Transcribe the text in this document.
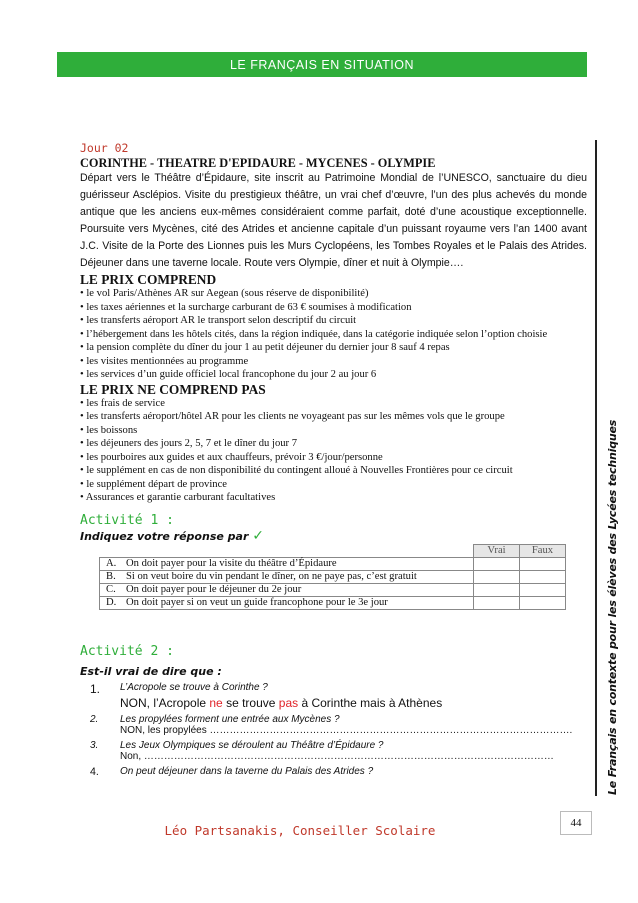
LE FRANÇAIS EN SITUATION
Le Français en contexte pour les élèves des Lycées techniques
Jour 02
CORINTHE - THEATRE D'EPIDAURE - MYCENES - OLYMPIE

Départ vers le Théâtre d’Épidaure, site inscrit au Patrimoine Mondial de l’UNESCO, sanctuaire du dieu guérisseur Asclépios. Visite du prestigieux théâtre, un vrai chef d’œuvre, l’un des plus achevés du monde antique que les anciens eux-mêmes considéraient comme parfait, doté d’une acoustique exceptionnelle. Poursuite vers Mycènes, cité des Atrides et ancienne capitale d’un puissant royaume vers l’an 1400 avant J.C. Visite de la Porte des Lionnes puis les Murs Cyclopéens, les Tombes Royales et le Palais des Atrides. Déjeuner dans une taverne locale. Route vers Olympie, dîner et nuit à Olympie….

LE PRIX COMPREND
• le vol Paris/Athènes AR sur Aegean (sous réserve de disponibilité)
• les taxes aériennes et la surcharge carburant de 63 € soumises à modification
• les transferts aéroport AR le transport selon descriptif du circuit
• l’hébergement dans les hôtels cités, dans la région indiquée, dans la catégorie indiquée selon l’option choisie
• la pension complète du dîner du jour 1 au petit déjeuner du dernier jour 8 sauf 4 repas
• les visites mentionnées au programme
• les services d’un guide officiel local francophone du jour 2 au jour 6
LE PRIX NE COMPREND PAS
• les frais de service
• les transferts aéroport/hôtel AR pour les clients ne voyageant pas sur les mêmes vols que le groupe
• les boissons
• les déjeuners des jours 2, 5, 7 et le dîner du jour 7
• les pourboires aux guides et aux chauffeurs, prévoir 3 €/jour/personne
• le supplément en cas de non disponibilité du contingent alloué à Nouvelles Frontières pour ce circuit
• le supplément départ de province
• Assurances et garantie carburant facultatives
Activité 1 :
Indiquez votre réponse par ✓
	Vrai	Faux
A. On doit payer pour la visite du théâtre d’Épidaure		
B. Si on veut boire du vin pendant le dîner, on ne paye pas, c’est gratuit		
C. On doit payer pour le déjeuner du 2e jour		
D. On doit payer si on veut un guide francophone pour le 3e jour		
Activité 2 :
Est-il vrai de dire que :
1.	L’Acropole se trouve à Corinthe ?
NON, l’Acropole ne se trouve pas à Corinthe mais à Athènes
2.	Les propylées forment une entrée aux Mycènes ?
NON, les propylées ……………………………………………………………………………………………….
3.	Les Jeux Olympiques se déroulent au Théâtre d’Épidaure ?
Non, ……………………………………………………………………………………………………………
4.	On peut déjeuner dans la taverne du Palais des Atrides ?
Léo Partsanakis, Conseiller Scolaire	44
